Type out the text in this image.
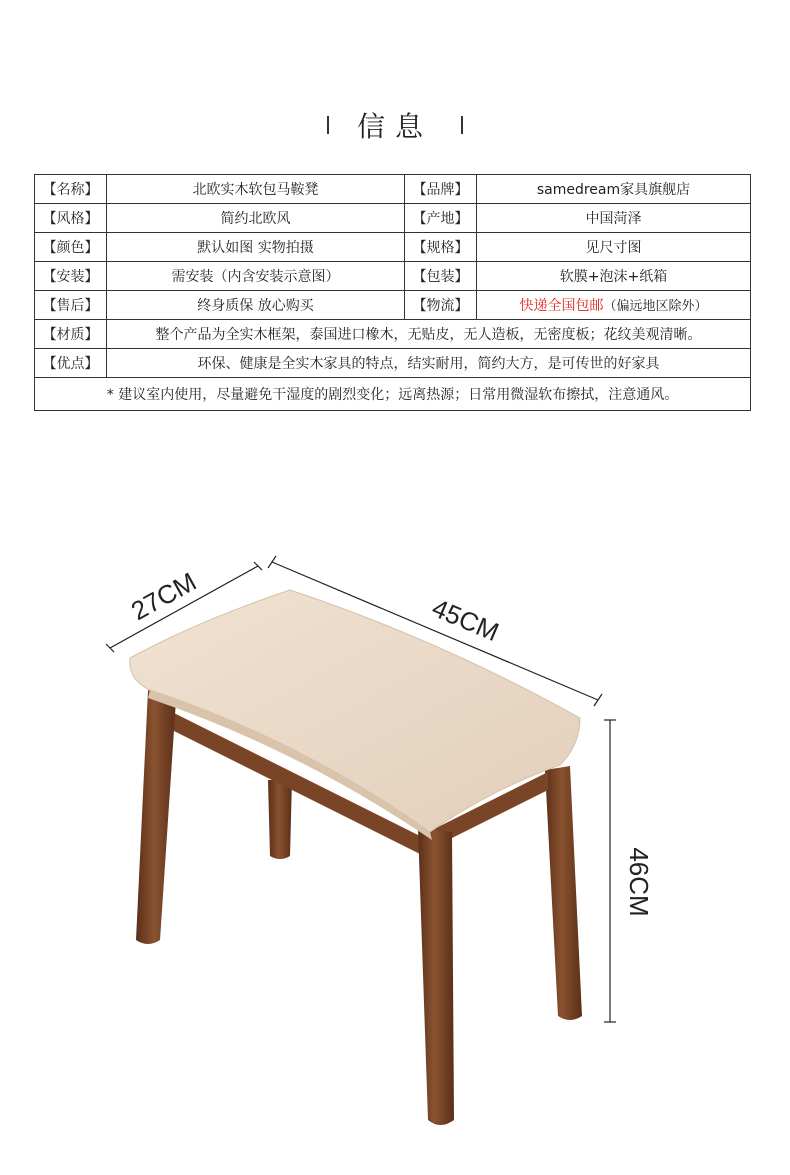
信息
【名称】	北欧实木软包马鞍凳	【品牌】	samedream家具旗舰店
【风格】	简约北欧风	【产地】	中国菏泽
【颜色】	默认如图 实物拍摄	【规格】	见尺寸图
【安装】	需安装（内含安装示意图）	【包装】	软膜+泡沫+纸箱
【售后】	终身质保 放心购买	【物流】	快递全国包邮（偏远地区除外）
【材质】	整个产品为全实木框架，泰国进口橡木，无贴皮，无人造板，无密度板；花纹美观清晰。		
【优点】	环保、健康是全实木家具的特点，结实耐用，简约大方，是可传世的好家具		
* 建议室内使用，尽量避免干湿度的剧烈变化；远离热源；日常用微湿软布擦拭，注意通风。			
27CM	45CM
46CM
